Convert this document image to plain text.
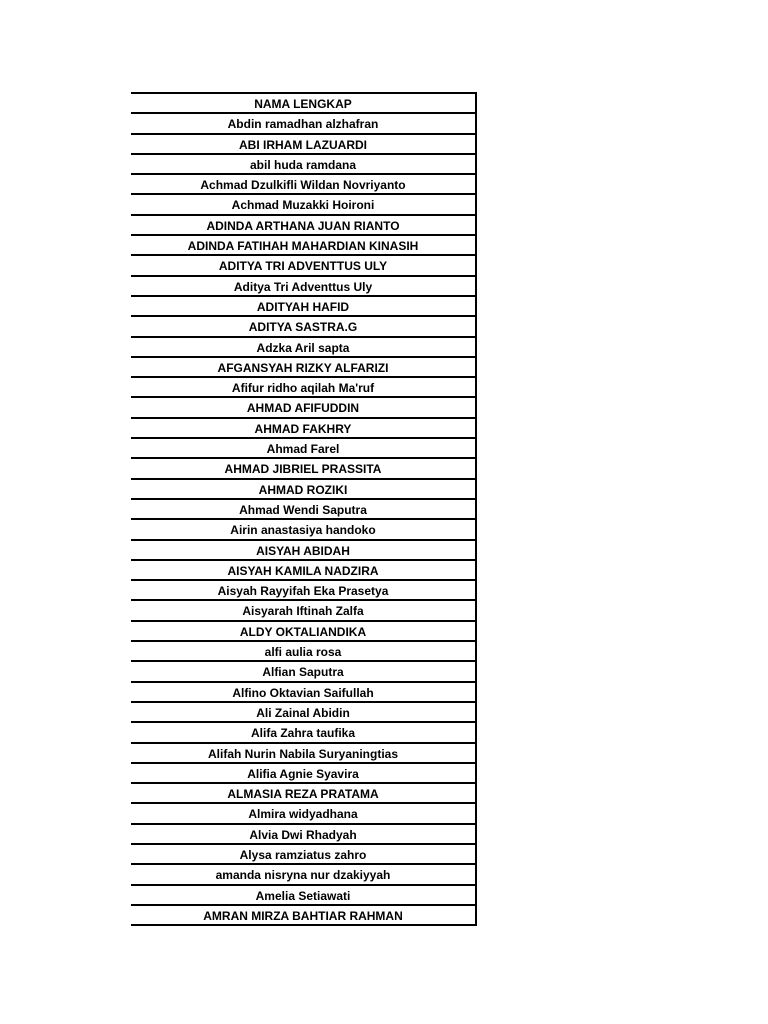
NAMA LENGKAP
Abdin ramadhan alzhafran
ABI IRHAM LAZUARDI
abil huda ramdana
Achmad Dzulkifli Wildan Novriyanto
Achmad Muzakki Hoironi
ADINDA ARTHANA JUAN RIANTO
ADINDA FATIHAH MAHARDIAN KINASIH
ADITYA TRI ADVENTTUS ULY
Aditya Tri Adventtus Uly
ADITYAH HAFID
ADITYA SASTRA.G
Adzka Aril sapta
AFGANSYAH RIZKY ALFARIZI
Afifur ridho aqilah Ma'ruf
AHMAD AFIFUDDIN
AHMAD FAKHRY
Ahmad Farel
AHMAD JIBRIEL PRASSITA
AHMAD ROZIKI
Ahmad Wendi Saputra
Airin anastasiya handoko
AISYAH ABIDAH
AISYAH KAMILA NADZIRA
Aisyah Rayyifah Eka Prasetya
Aisyarah Iftinah Zalfa
ALDY OKTALIANDIKA
alfi aulia rosa
Alfian Saputra
Alfino Oktavian Saifullah
Ali Zainal Abidin
Alifa Zahra taufika
Alifah Nurin Nabila Suryaningtias
Alifia Agnie Syavira
ALMASIA REZA PRATAMA
Almira widyadhana
Alvia Dwi Rhadyah
Alysa ramziatus zahro
amanda nisryna nur dzakiyyah
Amelia Setiawati
AMRAN MIRZA BAHTIAR RAHMAN
